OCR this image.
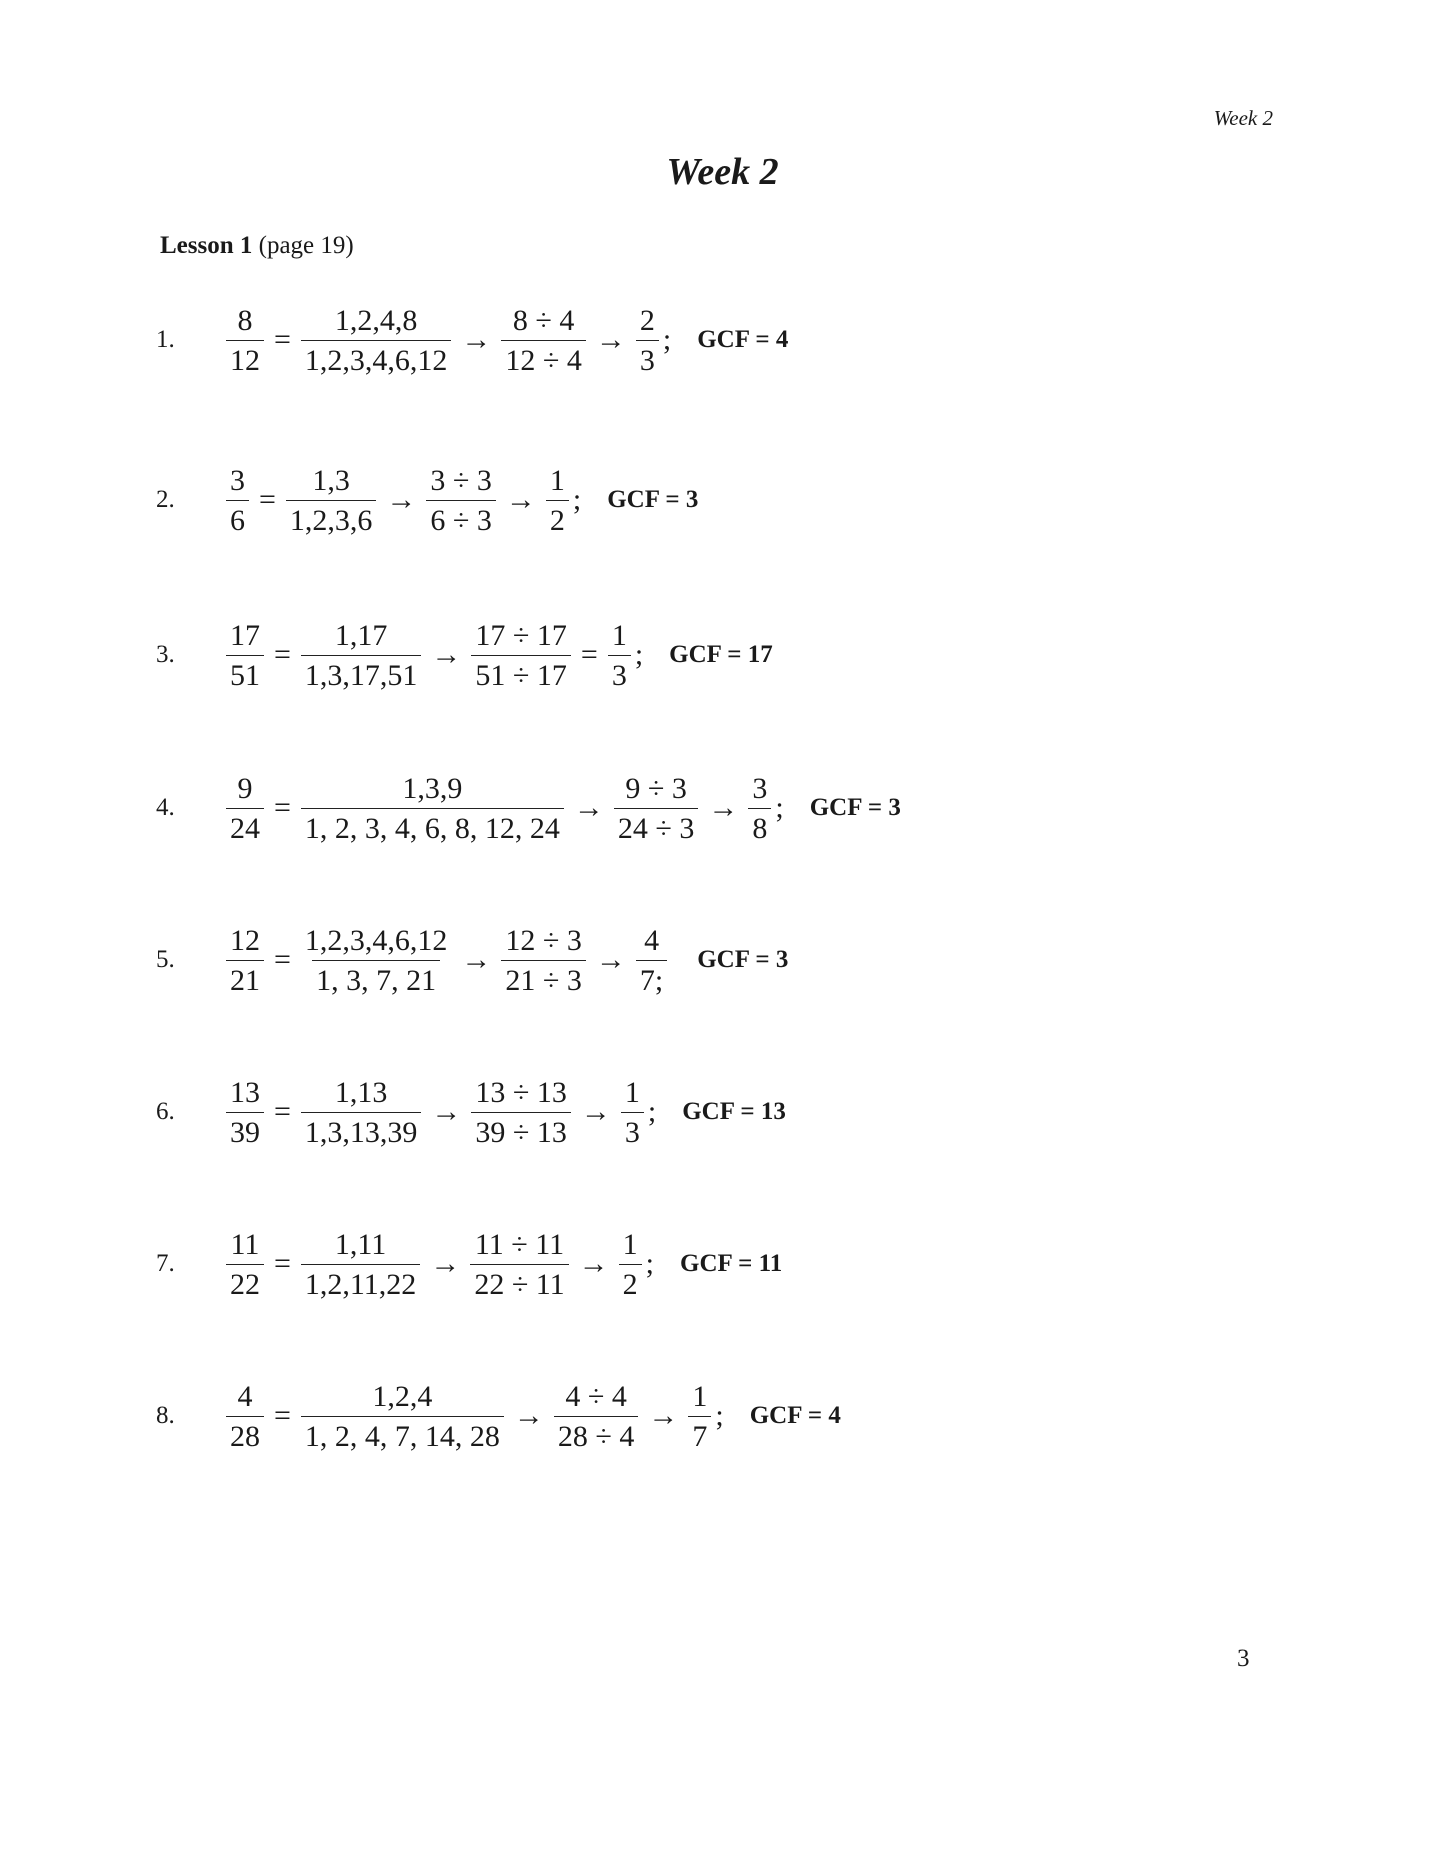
Week 2
Week 2
Lesson 1 (page 19)
1.	$\frac{8}{12} = \frac{1,2,4,8}{1,2,3,4,6,12} \to \frac{8 \div 4}{12 \div 4} \to \frac{2}{3}$ ; GCF = 4
2.	$\frac{3}{6} = \frac{1,3}{1,2,3,6} \to \frac{3 \div 3}{6 \div 3} \to \frac{1}{2}$ ; GCF = 3
3.	$\frac{17}{51} = \frac{1,17}{1,3,17,51} \to \frac{17 \div 17}{51 \div 17} = \frac{1}{3}$ ; GCF = 17
4.	$\frac{9}{24} = \frac{1,3,9}{1, 2, 3, 4, 6, 8, 12, 24} \to \frac{9 \div 3}{24 \div 3} \to \frac{3}{8}$ ; GCF = 3
5.	$\frac{12}{21} = \frac{1,2,3,4,6,12}{1, 3, 7, 21} \to \frac{12 \div 3}{21 \div 3} \to \frac{4}{7;}$ GCF = 3
6.	$\frac{13}{39} = \frac{1,13}{1,3,13,39} \to \frac{13 \div 13}{39 \div 13} \to \frac{1}{3}$ ; GCF = 13
7.	$\frac{11}{22} = \frac{1,11}{1,2,11,22} \to \frac{11 \div 11}{22 \div 11} \to \frac{1}{2}$ ; GCF = 11
8.	$\frac{4}{28} = \frac{1,2,4}{1, 2, 4, 7, 14, 28} \to \frac{4 \div 4}{28 \div 4} \to \frac{1}{7}$ ; GCF = 4
3
